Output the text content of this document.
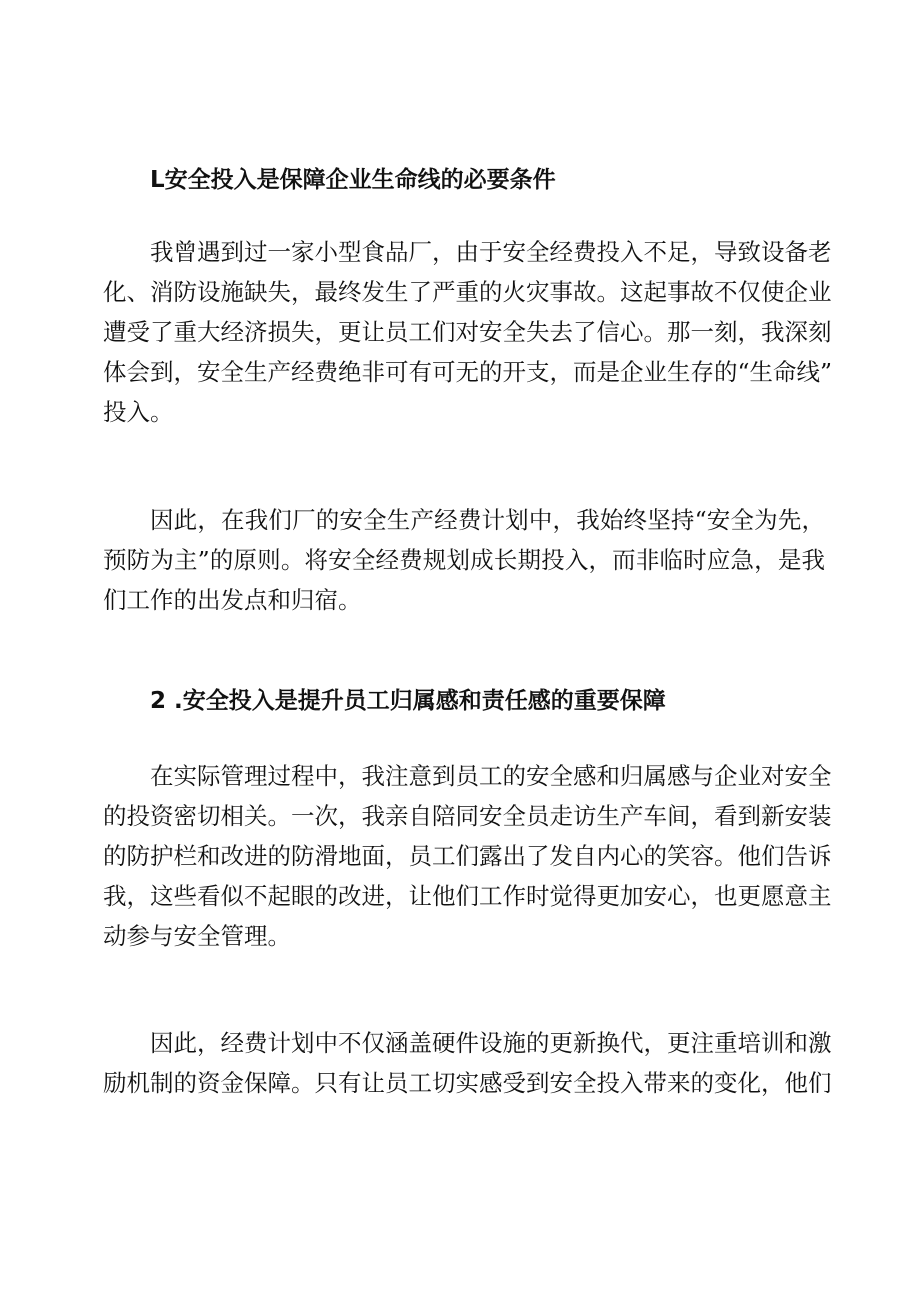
L安全投入是保障企业生命线的必要条件
我曾遇到过一家小型食品厂，由于安全经费投入不足，导致设备老
化、消防设施缺失，最终发生了严重的火灾事故。这起事故不仅使企业
遭受了重大经济损失，更让员工们对安全失去了信心。那一刻，我深刻
体会到，安全生产经费绝非可有可无的开支，而是企业生存的“生命线”
投入。
因此，在我们厂的安全生产经费计划中，我始终坚持“安全为先，
预防为主”的原则。将安全经费规划成长期投入，而非临时应急，是我
们工作的出发点和归宿。
2 .安全投入是提升员工归属感和责任感的重要保障
在实际管理过程中，我注意到员工的安全感和归属感与企业对安全
的投资密切相关。一次，我亲自陪同安全员走访生产车间，看到新安装
的防护栏和改进的防滑地面，员工们露出了发自内心的笑容。他们告诉
我，这些看似不起眼的改进，让他们工作时觉得更加安心，也更愿意主
动参与安全管理。
因此，经费计划中不仅涵盖硬件设施的更新换代，更注重培训和激
励机制的资金保障。只有让员工切实感受到安全投入带来的变化，他们
